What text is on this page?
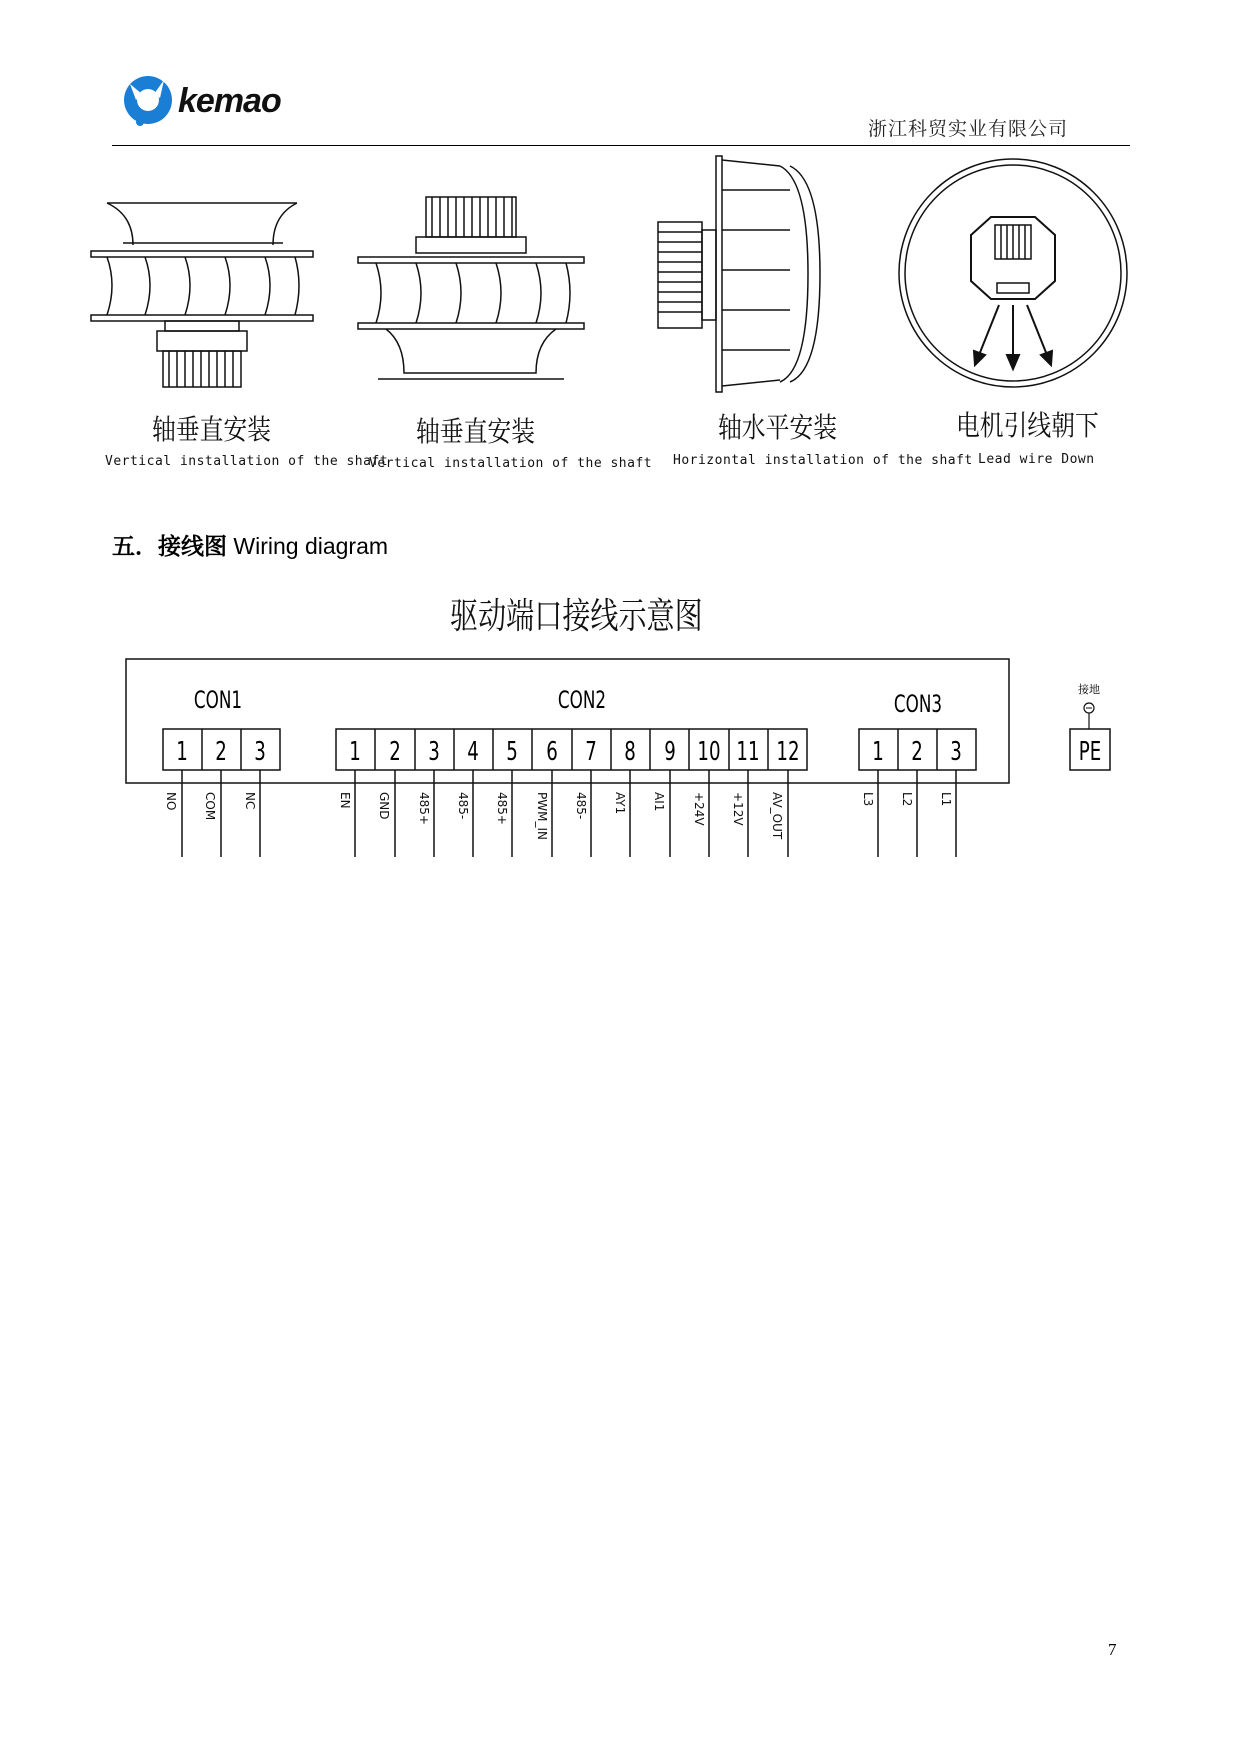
kemao
浙江科贸实业有限公司
轴垂直安装
Vertical installation of the shaft
轴垂直安装
Vertical installation of the shaft
轴水平安装
Horizontal installation of the shaft
电机引线朝下
Lead wire Down
五．接线图 Wiring diagram
驱动端口接线示意图
CON1
1 2 3
CON2
1 2 3 4 5 6 7 8 9 10 11 12
CON3
1 2 3
接地
PE
NO COM NC	EN GND 485+ 485- 485+ PWM_IN 485- AY1 AI1 +24V +12V AV_OUT	L3 L2 L1
7
